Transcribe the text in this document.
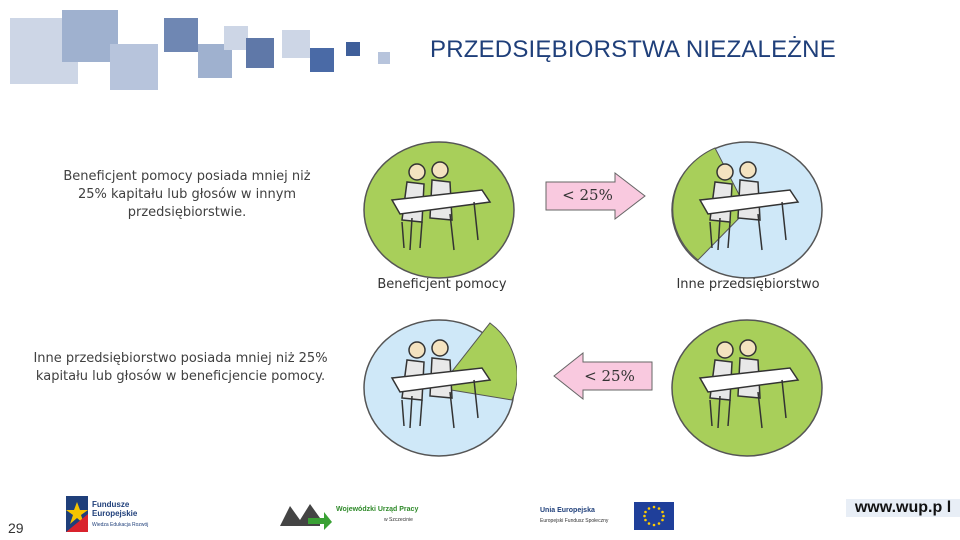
PRZEDSIĘBIORSTWA NIEZALEŻNE
Beneficjent pomocy posiada mniej niż 25% kapitału lub głosów w innym przedsiębiorstwie.
< 25%
Beneficjent pomocy	Inne przedsiębiorstwo
Inne przedsiębiorstwo posiada mniej niż 25% kapitału lub głosów w beneficjencie pomocy.	< 25%
29
Fundusze
Europejskie
Wiedza Edukacja Rozwój
Wojewódzki Urząd Pracy
w Szczecinie
Unia Europejska
Europejski Fundusz Społeczny
www.wup.p l
